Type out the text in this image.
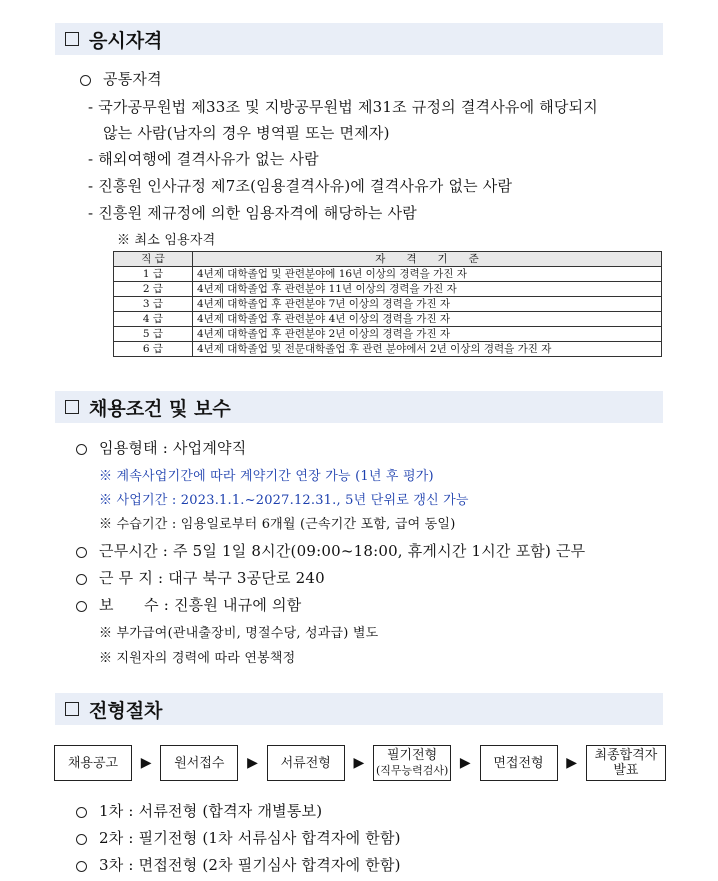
응시자격
공통자격
- 국가공무원법 제33조 및 지방공무원법 제31조 규정의 결격사유에 해당되지
않는 사람(남자의 경우 병역필 또는 면제자)
- 해외여행에 결격사유가 없는 사람
- 진흥원 인사규정 제7조(임용결격사유)에 결격사유가 없는 사람
- 진흥원 제규정에 의한 임용자격에 해당하는 사람
※ 최소 임용자격
직 급	자　　격　　기　　준
1 급	4년제 대학졸업 및 관련분야에 16년 이상의 경력을 가진 자
2 급	4년제 대학졸업 후 관련분야 11년 이상의 경력을 가진 자
3 급	4년제 대학졸업 후 관련분야 7년 이상의 경력을 가진 자
4 급	4년제 대학졸업 후 관련분야 4년 이상의 경력을 가진 자
5 급	4년제 대학졸업 후 관련분야 2년 이상의 경력을 가진 자
6 급	4년제 대학졸업 및 전문대학졸업 후 관련 분야에서 2년 이상의 경력을 가진 자
채용조건 및 보수
임용형태 : 사업계약직
※ 계속사업기간에 따라 계약기간 연장 가능 (1년 후 평가)
※ 사업기간 : 2023.1.1.~2027.12.31., 5년 단위로 갱신 가능
※ 수습기간 : 임용일로부터 6개월 (근속기간 포함, 급여 동일)
근무시간 : 주 5일 1일 8시간(09:00~18:00, 휴게시간 1시간 포함) 근무
근 무 지 : 대구 북구 3공단로 240
보　　수 : 진흥원 내규에 의함
※ 부가급여(관내출장비, 명절수당, 성과급) 별도
※ 지원자의 경력에 따라 연봉책정
전형절차
채용공고	▶	원서접수	▶	서류전형	▶ 필기전형
(직무능력검사) ▶	면접전형	▶ 최종합격자
발표
1차 : 서류전형 (합격자 개별통보)
2차 : 필기전형 (1차 서류심사 합격자에 한함)
3차 : 면접전형 (2차 필기심사 합격자에 한함)
